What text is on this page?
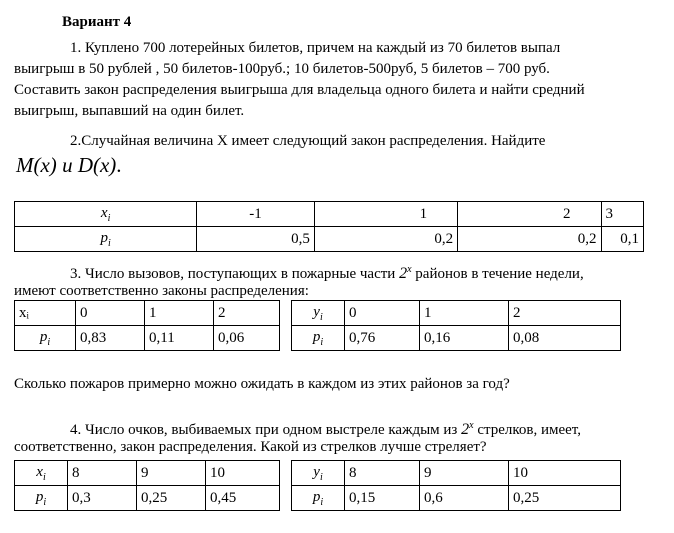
Вариант 4
1. Куплено 700 лотерейных билетов, причем на каждый из 70 билетов выпал
выигрыш в 50 рублей , 50 билетов-100руб.; 10 билетов-500руб, 5 билетов – 700 руб.
Составить закон распределения выигрыша для владельца одного билета и найти средний
выигрыш, выпавший на один билет.
2.Случайная величина X имеет следующий закон распределения. Найдите
M(x) и D(x).
$x_i$	-1	1	2	3
$p_i$	0,5	0,2	0,2	0,1
3. Число вызовов, поступающих в пожарные части 2$^x$ районов в течение недели,
имеют соответственно законы распределения:
xᵢ	0	1	2
$p_i$	0,83	0,11	0,06
$y_i$	0	1	2
$p_i$	0,76	0,16	0,08
Сколько пожаров примерно можно ожидать в каждом из этих районов за год?
4. Число очков, выбиваемых при одном выстреле каждым из 2$^x$ стрелков, имеет,
соответственно, закон распределения. Какой из стрелков лучше стреляет?
$x_i$	8	9	10
$p_i$	0,3	0,25	0,45
$y_i$	8	9	10
$p_i$	0,15	0,6	0,25
